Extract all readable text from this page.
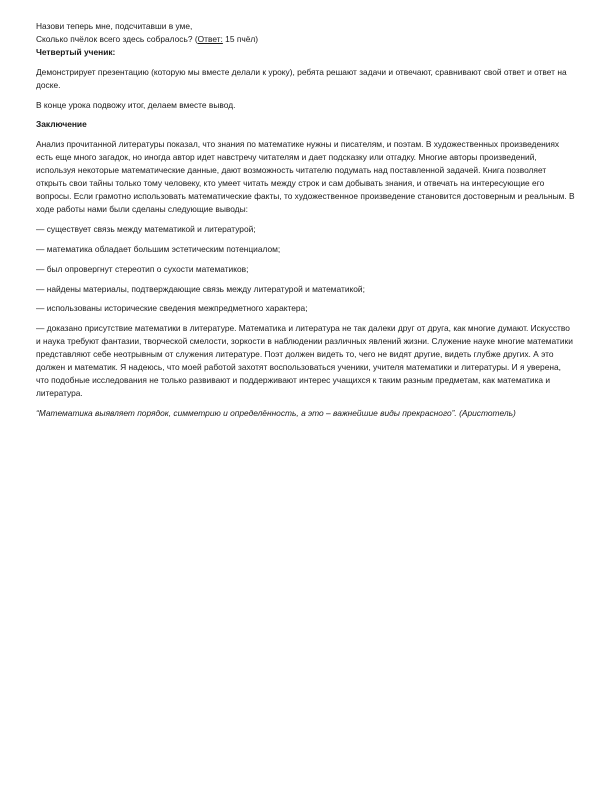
Назови теперь мне, подсчитавши в уме,

Сколько пчёлок всего здесь собралось? (Ответ: 15 пчёл)

Четвертый ученик:

Демонстрирует презентацию (которую мы вместе делали к уроку), ребята решают задачи и отвечают, сравнивают свой ответ и ответ на доске.

В конце урока подвожу итог, делаем вместе вывод.

Заключение

Анализ прочитанной литературы показал, что знания по математике нужны и писателям, и поэтам. В художественных произведениях есть еще много загадок, но иногда автор идет навстречу читателям и дает подсказку или отгадку. Многие авторы произведений, используя некоторые математические данные, дают возможность читателю подумать над поставленной задачей. Книга позволяет открыть свои тайны только тому человеку, кто умеет читать между строк и сам добывать знания, и отвечать на интересующие его вопросы. Если грамотно использовать математические факты, то художественное произведение становится достоверным и реальным. В ходе работы нами были сделаны следующие выводы:

— существует связь между математикой и литературой;

— математика обладает большим эстетическим потенциалом;

— был опровергнут стереотип о сухости математиков;

— найдены материалы, подтверждающие связь между литературой и математикой;

— использованы исторические сведения межпредметного характера;

— доказано присутствие математики в литературе. Математика и литература не так далеки друг от друга, как многие думают. Искусство и наука требуют фантазии, творческой смелости, зоркости в наблюдении различных явлений жизни. Служение науке многие математики представляют себе неотрывным от служения литературе. Поэт должен видеть то, чего не видят другие, видеть глубже других. А это должен и математик. Я надеюсь, что моей работой захотят воспользоваться ученики, учителя математики и литературы. И я уверена, что подобные исследования не только развивают и поддерживают интерес учащихся к таким разным предметам, как математика и литература.

“Математика выявляет порядок, симметрию и определённость, а это – важнейшие виды прекрасного”. (Аристотель)
